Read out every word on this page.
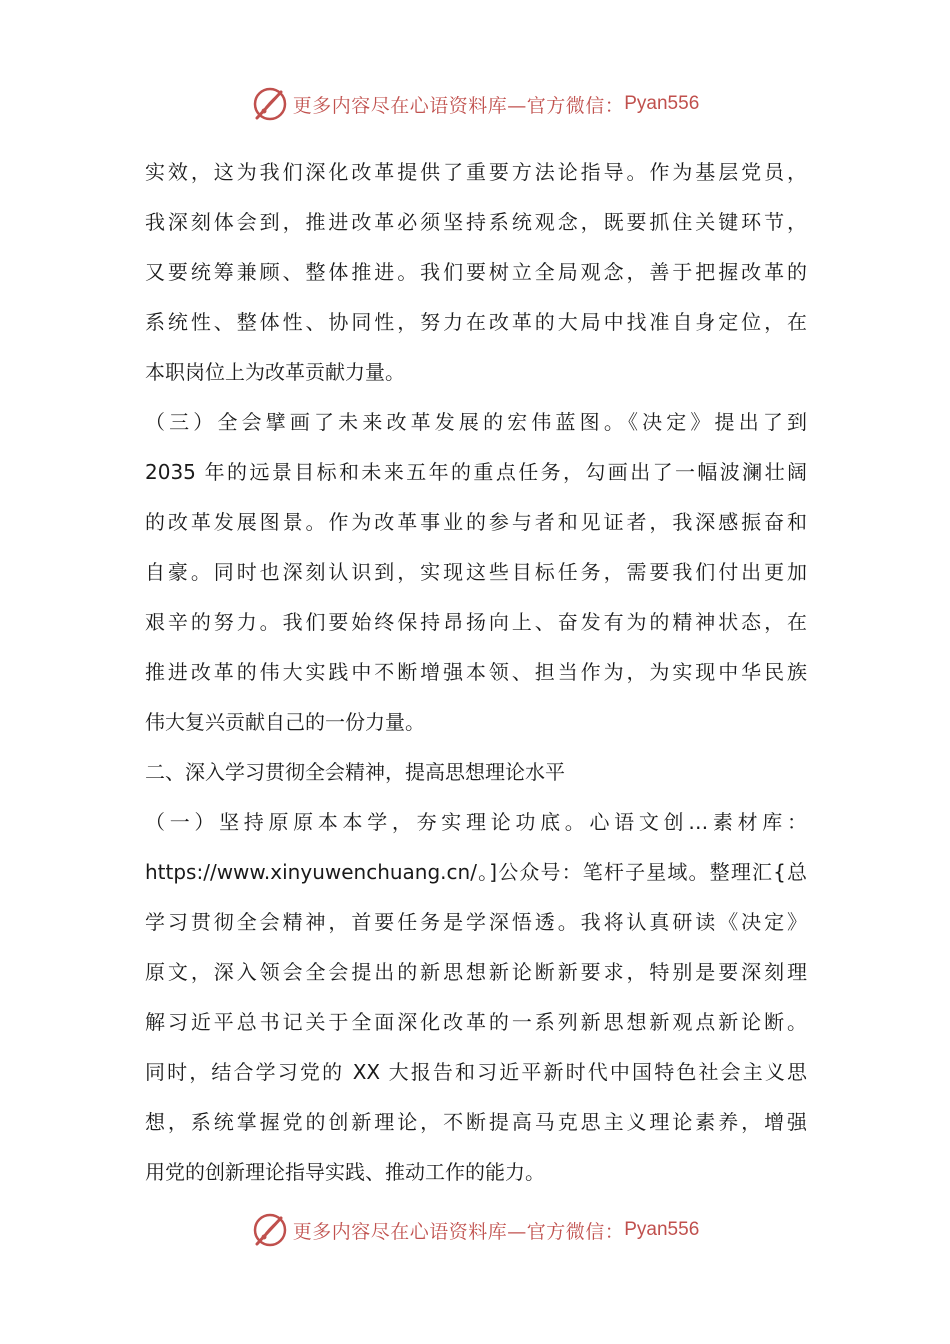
更多内容尽在心语资料库—官方微信： Pyan556
实效，这为我们深化改革提供了重要方法论指导。作为基层党员，
我深刻体会到，推进改革必须坚持系统观念，既要抓住关键环节，
又要统筹兼顾、整体推进。我们要树立全局观念，善于把握改革的
系统性、整体性、协同性，努力在改革的大局中找准自身定位，在
本职岗位上为改革贡献力量。
（三）全会擘画了未来改革发展的宏伟蓝图。《决定》提出了到
2035 年的远景目标和未来五年的重点任务，勾画出了一幅波澜壮阔
的改革发展图景。作为改革事业的参与者和见证者，我深感振奋和
自豪。同时也深刻认识到，实现这些目标任务，需要我们付出更加
艰辛的努力。我们要始终保持昂扬向上、奋发有为的精神状态，在
推进改革的伟大实践中不断增强本领、担当作为，为实现中华民族
伟大复兴贡献自己的一份力量。
二、深入学习贯彻全会精神，提高思想理论水平
（一）坚持原原本本学，夯实理论功底。心语文创…素材库：
https://www.xinyuwenchuang.cn/。]公众号：笔杆子星域。整理汇{总
学习贯彻全会精神，首要任务是学深悟透。我将认真研读《决定》
原文，深入领会全会提出的新思想新论断新要求，特别是要深刻理
解习近平总书记关于全面深化改革的一系列新思想新观点新论断。
同时，结合学习党的 XX 大报告和习近平新时代中国特色社会主义思
想，系统掌握党的创新理论，不断提高马克思主义理论素养，增强
用党的创新理论指导实践、推动工作的能力。
更多内容尽在心语资料库—官方微信： Pyan556
